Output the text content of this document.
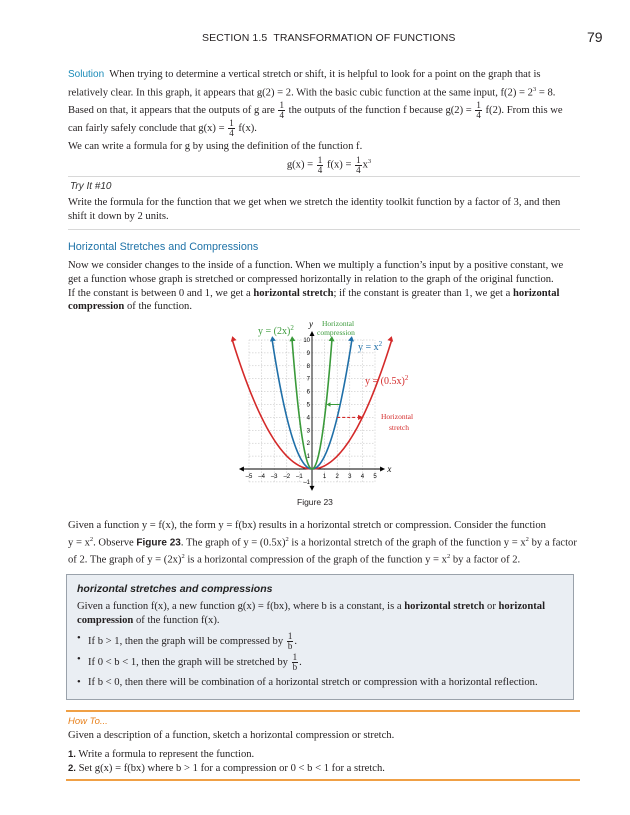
SECTION 1.5 TRANSFORMATION OF FUNCTIONS	79
Solution When trying to determine a vertical stretch or shift, it is helpful to look for a point on the graph that is
relatively clear. In this graph, it appears that g(2) = 2. With the basic cubic function at the same input, $f(2) = 2^3 = 8$.
Based on that, it appears that the outputs of g are $\frac{1}{4}$ the outputs of the function f because $g(2) = \frac{1}{4} f(2)$. From this we
can fairly safely conclude that $g(x) = \frac{1}{4} f(x)$.
We can write a formula for g by using the definition of the function f.
$g(x) = \frac{1}{4} f(x) = \frac{1}{4} x^3$
Try It #10
Write the formula for the function that we get when we stretch the identity toolkit function by a factor of 3, and then
shift it down by 2 units.
Horizontal Stretches and Compressions
Now we consider changes to the inside of a function. When we multiply a function’s input by a positive constant, we
get a function whose graph is stretched or compressed horizontally in relation to the graph of the original function.
If the constant is between 0 and 1, we get a horizontal stretch; if the constant is greater than 1, we get a horizontal
compression of the function.
x
y
–5 –4 –3 –2 –1	1 2 3 4 5
–1
1
2
3
4
5
6
7
8
9
10
$y = (2x)^2$
$y = x^2$
$y = (0.5x)^2$
Horizontal
compression
Horizontal
stretch
Figure 23
Given a function y = f(x), the form y = f(bx) results in a horizontal stretch or compression. Consider the function
$y = x^2$. Observe Figure 23. The graph of $y = (0.5x)^2$ is a horizontal stretch of the graph of the function $y = x^2$ by a factor
of 2. The graph of $y = (2x)^2$ is a horizontal compression of the graph of the function $y = x^2$ by a factor of 2.
horizontal stretches and compressions
Given a function f(x), a new function g(x) = f(bx), where b is a constant, is a horizontal stretch or horizontal
compression of the function f(x).
• If b > 1, then the graph will be compressed by $\frac{1}{b}$ .
• If 0 < b < 1, then the graph will be stretched by $\frac{1}{b}$ .
• If b < 0, then there will be combination of a horizontal stretch or compression with a horizontal reflection.
How To...
Given a description of a function, sketch a horizontal compression or stretch.
1. Write a formula to represent the function.
2. Set g(x) = f(bx) where b > 1 for a compression or 0 < b < 1 for a stretch.
